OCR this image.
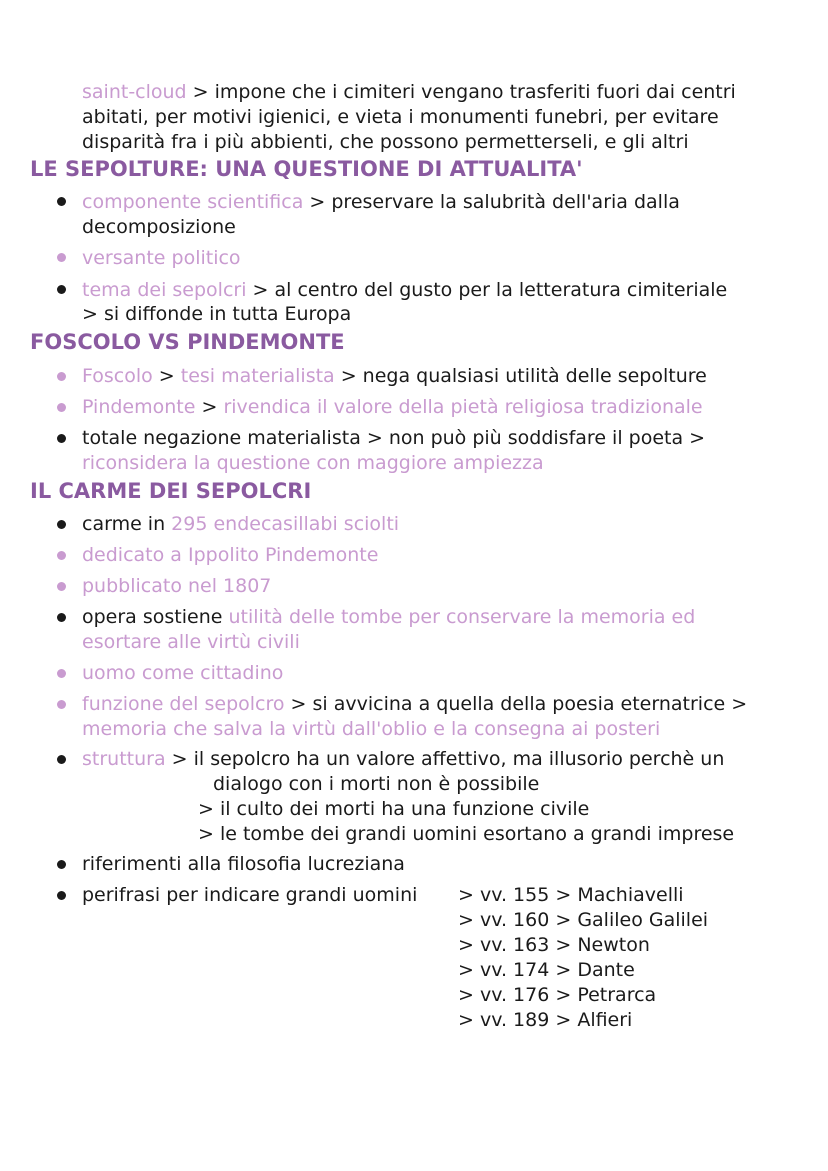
saint-cloud > impone che i cimiteri vengano trasferiti fuori dai centri
abitati, per motivi igienici, e vieta i monumenti funebri, per evitare
disparità fra i più abbienti, che possono permetterseli, e gli altri
LE SEPOLTURE: UNA QUESTIONE DI ATTUALITA'
componente scientifica > preservare la salubrità dell'aria dalla
decomposizione
versante politico
tema dei sepolcri > al centro del gusto per la letteratura cimiteriale
> si diffonde in tutta Europa
FOSCOLO VS PINDEMONTE
Foscolo > tesi materialista > nega qualsiasi utilità delle sepolture
Pindemonte > rivendica il valore della pietà religiosa tradizionale
totale negazione materialista > non può più soddisfare il poeta >
riconsidera la questione con maggiore ampiezza
IL CARME DEI SEPOLCRI
carme in 295 endecasillabi sciolti
dedicato a Ippolito Pindemonte
pubblicato nel 1807
opera sostiene utilità delle tombe per conservare la memoria ed
esortare alle virtù civili
uomo come cittadino
funzione del sepolcro > si avvicina a quella della poesia eternatrice >
memoria che salva la virtù dall'oblio e la consegna ai posteri
struttura > il sepolcro ha un valore affettivo, ma illusorio perchè un
dialogo con i morti non è possibile
> il culto dei morti ha una funzione civile
> le tombe dei grandi uomini esortano a grandi imprese
riferimenti alla filosofia lucreziana
perifrasi per indicare grandi uomini > vv. 155 > Machiavelli
> vv. 160 > Galileo Galilei
> vv. 163 > Newton
> vv. 174 > Dante
> vv. 176 > Petrarca
> vv. 189 > Alfieri
